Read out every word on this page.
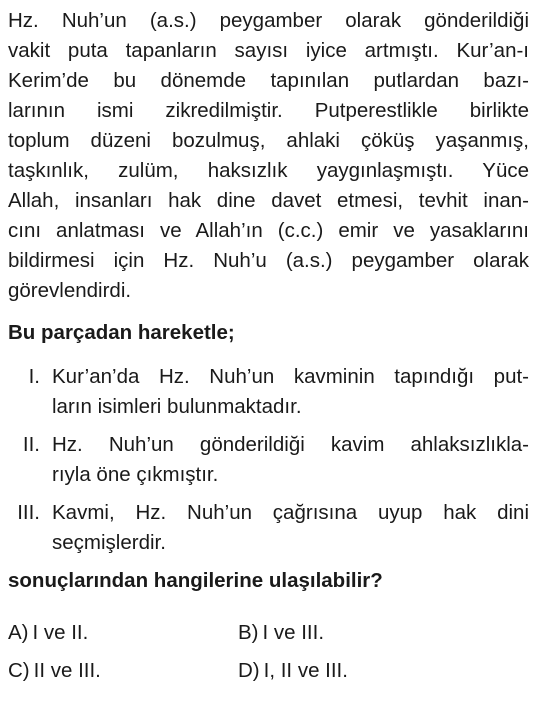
Hz. Nuh’un (a.s.) peygamber olarak gönderildiği
vakit puta tapanların sayısı iyice artmıştı. Kur’an-ı
Kerim’de bu dönemde tapınılan putlardan bazı-
larının ismi zikredilmiştir. Putperestlikle birlikte
toplum düzeni bozulmuş, ahlaki çöküş yaşanmış,
taşkınlık, zulüm, haksızlık yaygınlaşmıştı. Yüce
Allah, insanları hak dine davet etmesi, tevhit inan-
cını anlatması ve Allah’ın (c.c.) emir ve yasaklarını
bildirmesi için Hz. Nuh’u (a.s.) peygamber olarak
görevlendirdi.
Bu parçadan hareketle;
I. Kur’an’da Hz. Nuh’un kavminin tapındığı put-
ların isimleri bulunmaktadır.
II. Hz. Nuh’un gönderildiği kavim ahlaksızlıkla-
rıyla öne çıkmıştır.
III. Kavmi, Hz. Nuh’un çağrısına uyup hak dini
seçmişlerdir.
sonuçlarından hangilerine ulaşılabilir?
A) I ve II.	B) I ve III.
C) II ve III.	D) I, II ve III.
